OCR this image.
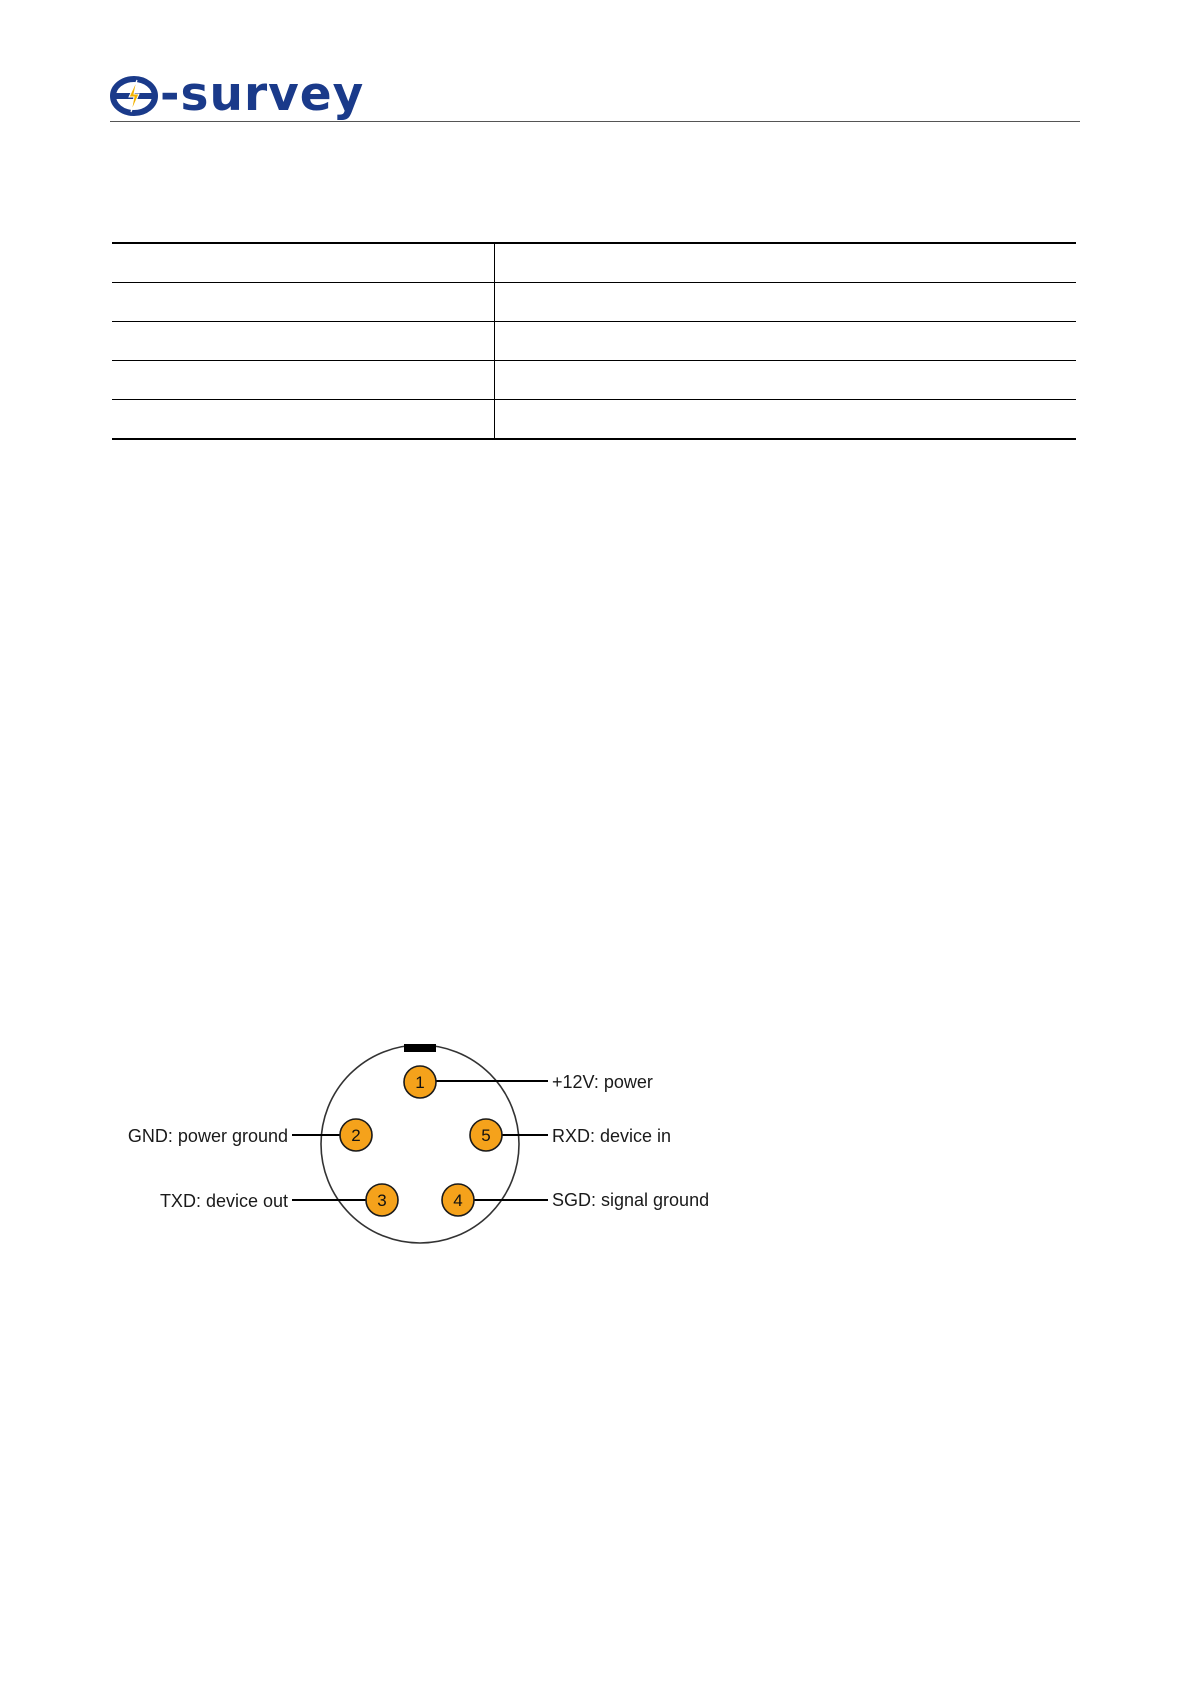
-survey

1
2
3	4
5
+12V: power
GND: power ground
TXD: device out	SGD: signal ground
RXD: device in
